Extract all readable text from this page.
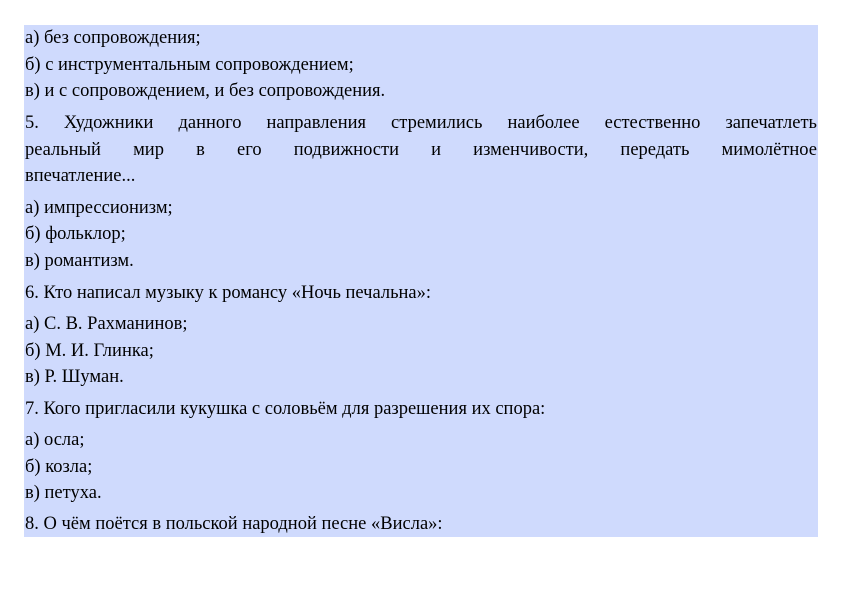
а) без сопровождения;
б) с инструментальным сопровождением;
в) и с сопровождением, и без сопровождения.
5. Художники данного направления стремились наиболее естественно запечатлеть
реальный мир в его подвижности и изменчивости, передать мимолётное
впечатление...
а) импрессионизм;
б) фольклор;
в) романтизм.
6. Кто написал музыку к романсу «Ночь печальна»:
а) С. В. Рахманинов;
б) М. И. Глинка;
в) Р. Шуман.
7. Кого пригласили кукушка с соловьём для разрешения их спора:
а) осла;
б) козла;
в) петуха.
8. О чём поётся в польской народной песне «Висла»:
